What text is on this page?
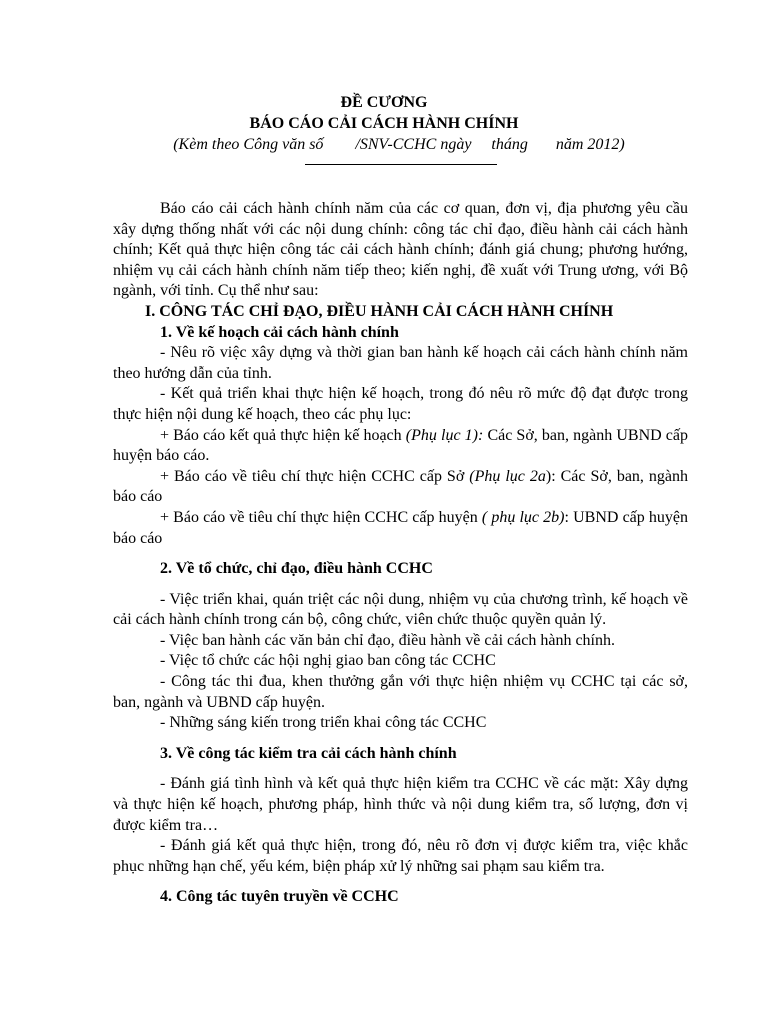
ĐỀ CƯƠNG
BÁO CÁO CẢI CÁCH HÀNH CHÍNH
(Kèm theo Công văn số        /SNV-CCHC ngày     tháng       năm 2012)

Báo cáo cải cách hành chính năm của các cơ quan, đơn vị, địa phương yêu cầu xây dựng thống nhất với các nội dung chính: công tác chỉ đạo, điều hành cải cách hành chính; Kết quả thực hiện công tác cải cách hành chính; đánh giá chung; phương hướng, nhiệm vụ cải cách hành chính năm tiếp theo; kiến nghị, đề xuất với Trung ương, với Bộ ngành, với tỉnh. Cụ thể như sau:

I. CÔNG TÁC CHỈ ĐẠO, ĐIỀU HÀNH CẢI CÁCH HÀNH CHÍNH

1. Về kế hoạch cải cách hành chính

- Nêu rõ việc xây dựng và thời gian ban hành kế hoạch cải cách hành chính năm theo hướng dẫn của tỉnh.

- Kết quả triển khai thực hiện kế hoạch, trong đó nêu rõ mức độ đạt được trong thực hiện nội dung kế hoạch, theo các phụ lục:

+ Báo cáo kết quả thực hiện kế hoạch (Phụ lục 1): Các Sở, ban, ngành UBND cấp huyện báo cáo.

+ Báo cáo về tiêu chí thực hiện CCHC cấp Sở (Phụ lục 2a): Các Sở, ban, ngành báo cáo

+ Báo cáo về tiêu chí thực hiện CCHC cấp huyện ( phụ lục 2b): UBND cấp huyện báo cáo

2. Về tổ chức, chỉ đạo, điều hành CCHC

- Việc triển khai, quán triệt các nội dung, nhiệm vụ của chương trình, kế hoạch về cải cách hành chính trong cán bộ, công chức, viên chức thuộc quyền quản lý.

- Việc ban hành các văn bản chỉ đạo, điều hành về cải cách hành chính.

- Việc tổ chức các hội nghị giao ban công tác CCHC

- Công tác thi đua, khen thưởng gắn với thực hiện nhiệm vụ CCHC tại các sở, ban, ngành và UBND cấp huyện.

- Những sáng kiến trong triển khai công tác CCHC

3. Về công tác kiểm tra cải cách hành chính

- Đánh giá tình hình và kết quả thực hiện kiểm tra CCHC về các mặt: Xây dựng và thực hiện kế hoạch, phương pháp, hình thức và nội dung kiểm tra, số lượng, đơn vị được kiểm tra…

- Đánh giá kết quả thực hiện, trong đó, nêu rõ đơn vị được kiểm tra, việc khắc phục những hạn chế, yếu kém, biện pháp xử lý những sai phạm sau kiểm tra.

4. Công tác tuyên truyền về CCHC
